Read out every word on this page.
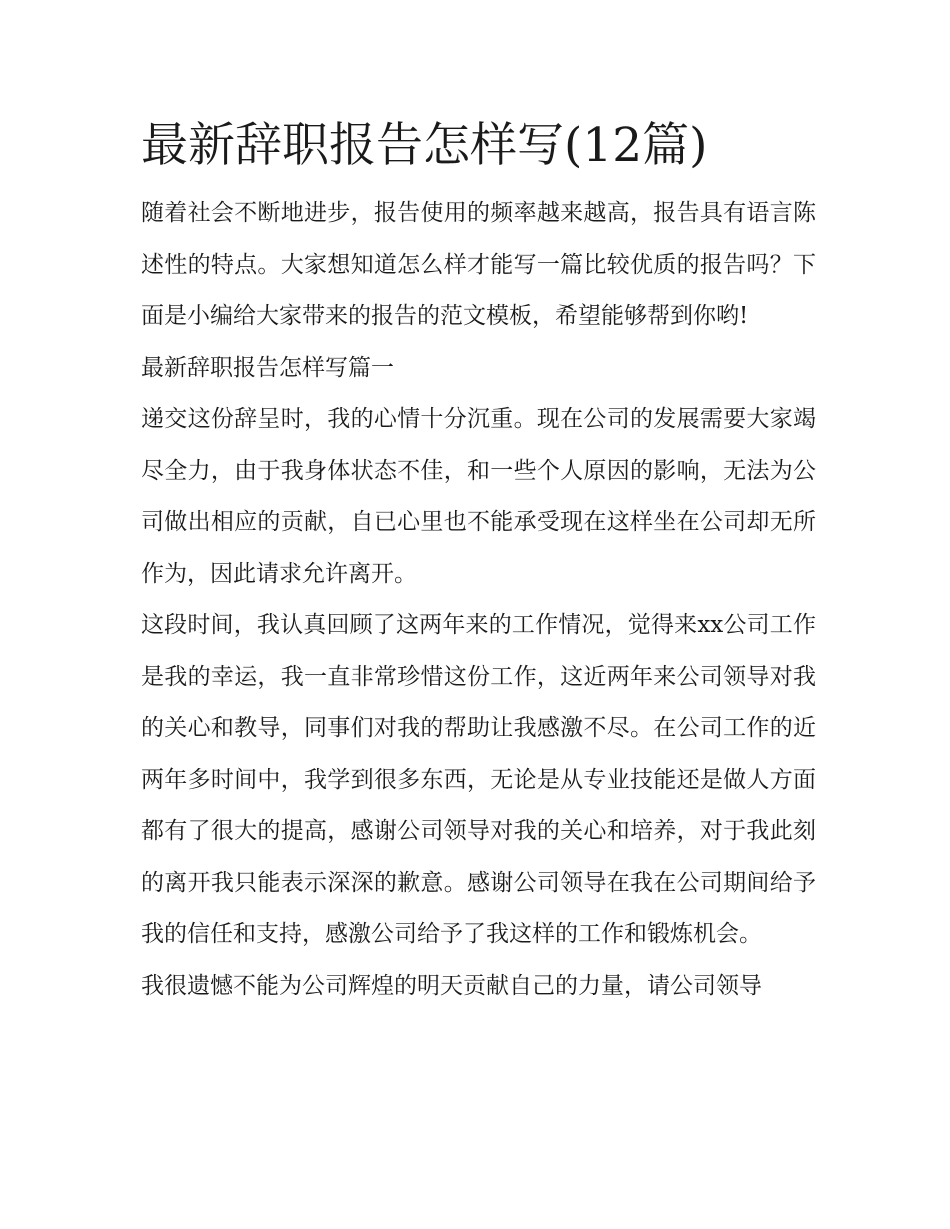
最新辞职报告怎样写(12篇)

随着社会不断地进步，报告使用的频率越来越高，报告具有语言陈述性的特点。大家想知道怎么样才能写一篇比较优质的报告吗？下面是小编给大家带来的报告的范文模板，希望能够帮到你哟!

最新辞职报告怎样写篇一

递交这份辞呈时，我的心情十分沉重。现在公司的发展需要大家竭尽全力，由于我身体状态不佳，和一些个人原因的影响，无法为公司做出相应的贡献，自已心里也不能承受现在这样坐在公司却无所作为，因此请求允许离开。

这段时间，我认真回顾了这两年来的工作情况，觉得来xx公司工作是我的幸运，我一直非常珍惜这份工作，这近两年来公司领导对我的关心和教导，同事们对我的帮助让我感激不尽。在公司工作的近两年多时间中，我学到很多东西，无论是从专业技能还是做人方面都有了很大的提高，感谢公司领导对我的关心和培养，对于我此刻的离开我只能表示深深的歉意。感谢公司领导在我在公司期间给予我的信任和支持，感激公司给予了我这样的工作和锻炼机会。

我很遗憾不能为公司辉煌的明天贡献自己的力量，请公司领导
